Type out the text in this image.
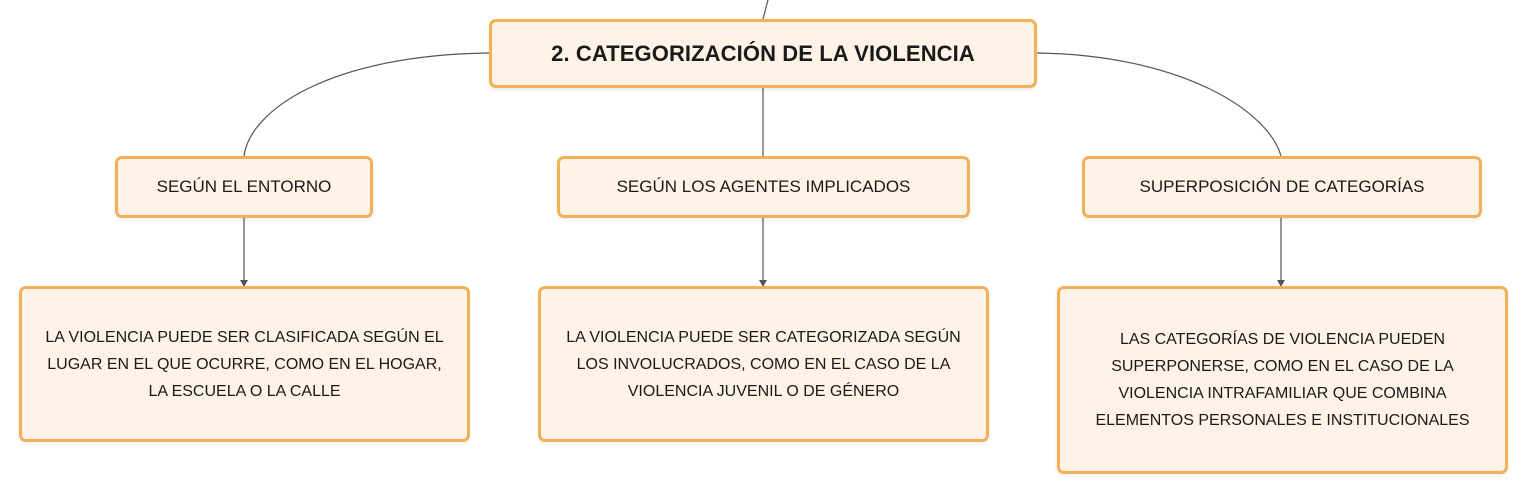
2. CATEGORIZACIÓN DE LA VIOLENCIA
SEGÚN EL ENTORNO	SEGÚN LOS AGENTES IMPLICADOS	SUPERPOSICIÓN DE CATEGORÍAS
LA VIOLENCIA PUEDE SER CLASIFICADA SEGÚN EL LUGAR EN EL QUE OCURRE, COMO EN EL HOGAR, LA ESCUELA O LA CALLE
LA VIOLENCIA PUEDE SER CATEGORIZADA SEGÚN LOS INVOLUCRADOS, COMO EN EL CASO DE LA VIOLENCIA JUVENIL O DE GÉNERO
LAS CATEGORÍAS DE VIOLENCIA PUEDEN SUPERPONERSE, COMO EN EL CASO DE LA VIOLENCIA INTRAFAMILIAR QUE COMBINA ELEMENTOS PERSONALES E INSTITUCIONALES
